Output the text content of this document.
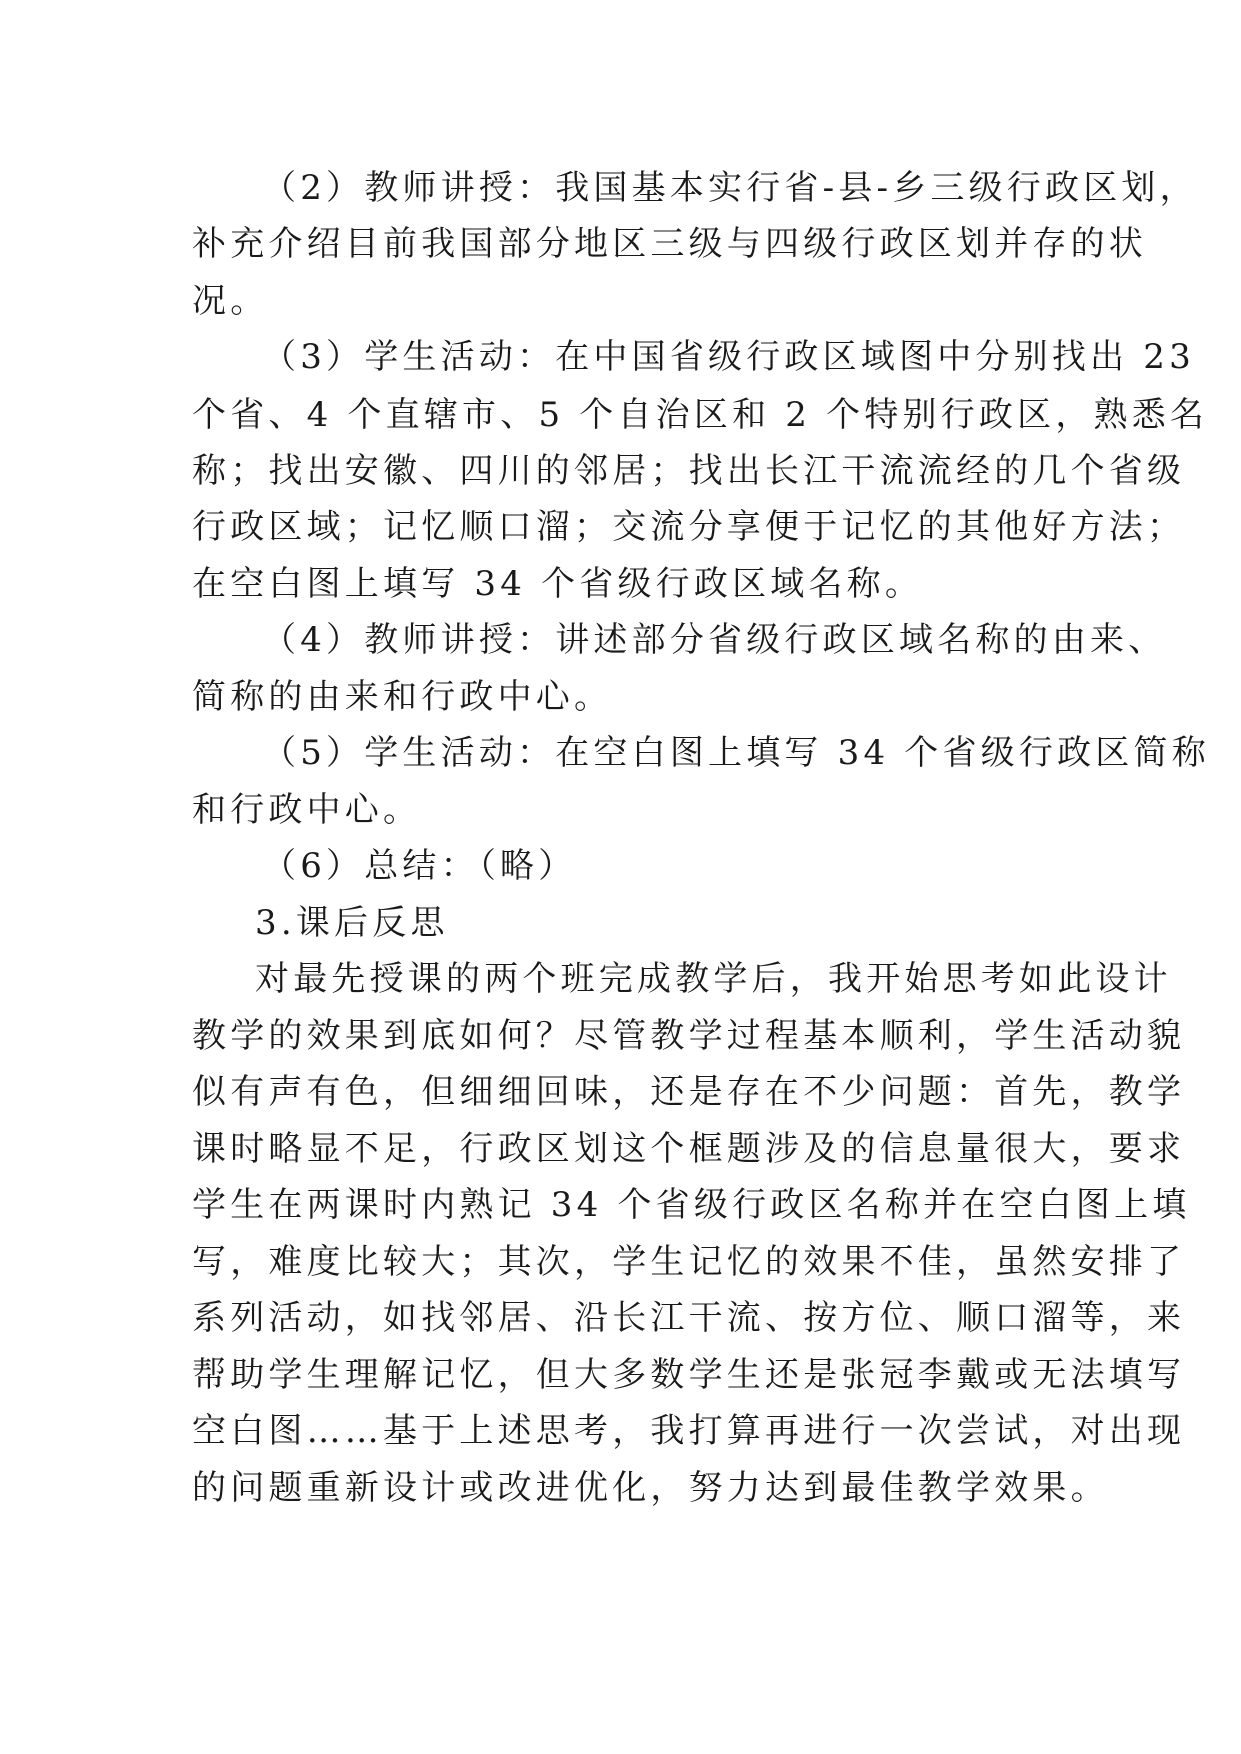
（2）教师讲授：我国基本实行省-县-乡三级行政区划，
补充介绍目前我国部分地区三级与四级行政区划并存的状
况。
（3）学生活动：在中国省级行政区域图中分别找出 23
个省、4 个直辖市、5 个自治区和 2 个特别行政区，熟悉名
称；找出安徽、四川的邻居；找出长江干流流经的几个省级
行政区域；记忆顺口溜；交流分享便于记忆的其他好方法；
在空白图上填写 34 个省级行政区域名称。
（4）教师讲授：讲述部分省级行政区域名称的由来、
简称的由来和行政中心。
（5）学生活动：在空白图上填写 34 个省级行政区简称
和行政中心。
（6）总结：（略）
3.课后反思
对最先授课的两个班完成教学后，我开始思考如此设计
教学的效果到底如何？尽管教学过程基本顺利，学生活动貌
似有声有色，但细细回味，还是存在不少问题：首先，教学
课时略显不足，行政区划这个框题涉及的信息量很大，要求
学生在两课时内熟记 34 个省级行政区名称并在空白图上填
写，难度比较大；其次，学生记忆的效果不佳，虽然安排了
系列活动，如找邻居、沿长江干流、按方位、顺口溜等，来
帮助学生理解记忆，但大多数学生还是张冠李戴或无法填写
空白图……基于上述思考，我打算再进行一次尝试，对出现
的问题重新设计或改进优化，努力达到最佳教学效果。
